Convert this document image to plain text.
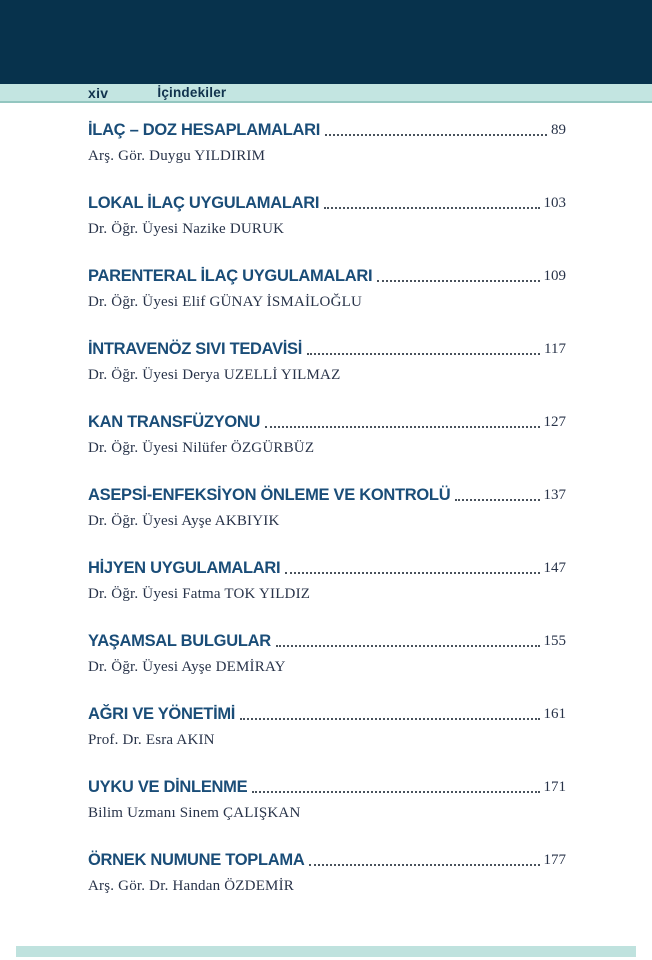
xiv	İçindekiler
İLAÇ – DOZ HESAPLAMALARI	89
Arş. Gör. Duygu YILDIRIM
LOKAL İLAÇ UYGULAMALARI	103
Dr. Öğr. Üyesi Nazike DURUK
PARENTERAL İLAÇ UYGULAMALARI	109
Dr. Öğr. Üyesi Elif GÜNAY İSMAİLOĞLU
İNTRAVENÖZ SIVI TEDAVİSİ	117
Dr. Öğr. Üyesi Derya UZELLİ YILMAZ
KAN TRANSFÜZYONU	127
Dr. Öğr. Üyesi Nilüfer ÖZGÜRBÜZ
ASEPSİ-ENFEKSİYON ÖNLEME VE KONTROLÜ	137
Dr. Öğr. Üyesi Ayşe AKBIYIK
HİJYEN UYGULAMALARI	147
Dr. Öğr. Üyesi Fatma TOK YILDIZ
YAŞAMSAL BULGULAR	155
Dr. Öğr. Üyesi Ayşe DEMİRAY
AĞRI VE YÖNETİMİ	161
Prof. Dr. Esra AKIN
UYKU VE DİNLENME	171
Bilim Uzmanı Sinem ÇALIŞKAN
ÖRNEK NUMUNE TOPLAMA	177
Arş. Gör. Dr. Handan ÖZDEMİR
